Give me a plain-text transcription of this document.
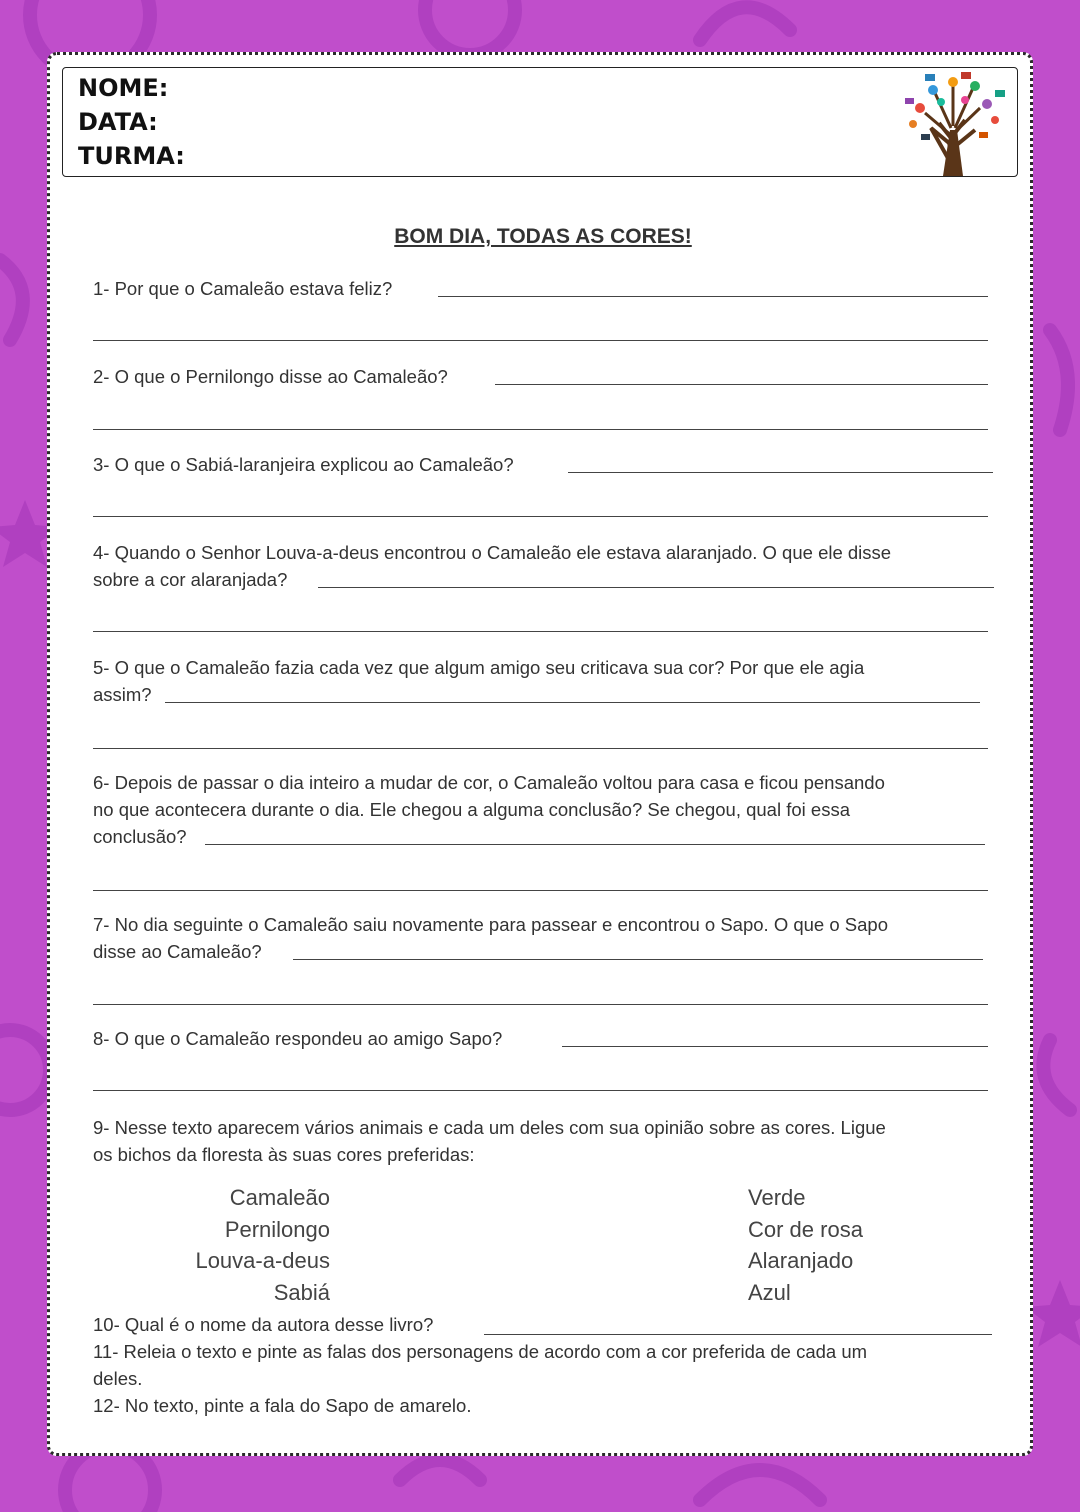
NOME:
DATA:
TURMA:
BOM DIA, TODAS AS CORES!
1- Por que o Camaleão estava feliz?
2- O que o Pernilongo disse ao Camaleão?
3- O que o Sabiá-laranjeira explicou ao Camaleão?
4- Quando o Senhor Louva-a-deus encontrou o Camaleão ele estava alaranjado. O que ele disse
sobre a cor alaranjada?
5- O que o Camaleão fazia cada vez que algum amigo seu criticava sua cor? Por que ele agia
assim?
6- Depois de passar o dia inteiro a mudar de cor, o Camaleão voltou para casa e ficou pensando
no que acontecera durante o dia. Ele chegou a alguma conclusão? Se chegou, qual foi essa
conclusão?
7- No dia seguinte o Camaleão saiu novamente para passear e encontrou o Sapo. O que o Sapo
disse ao Camaleão?
8- O que o Camaleão respondeu ao amigo Sapo?
9- Nesse texto aparecem vários animais e cada um deles com sua opinião sobre as cores. Ligue
os bichos da floresta às suas cores preferidas:
Camaleão
Pernilongo
Louva-a-deus
Sabiá
Verde
Cor de rosa
Alaranjado
Azul
10- Qual é o nome da autora desse livro?
11- Releia o texto e pinte as falas dos personagens de acordo com a cor preferida de cada um
deles.
12- No texto, pinte a fala do Sapo de amarelo.
